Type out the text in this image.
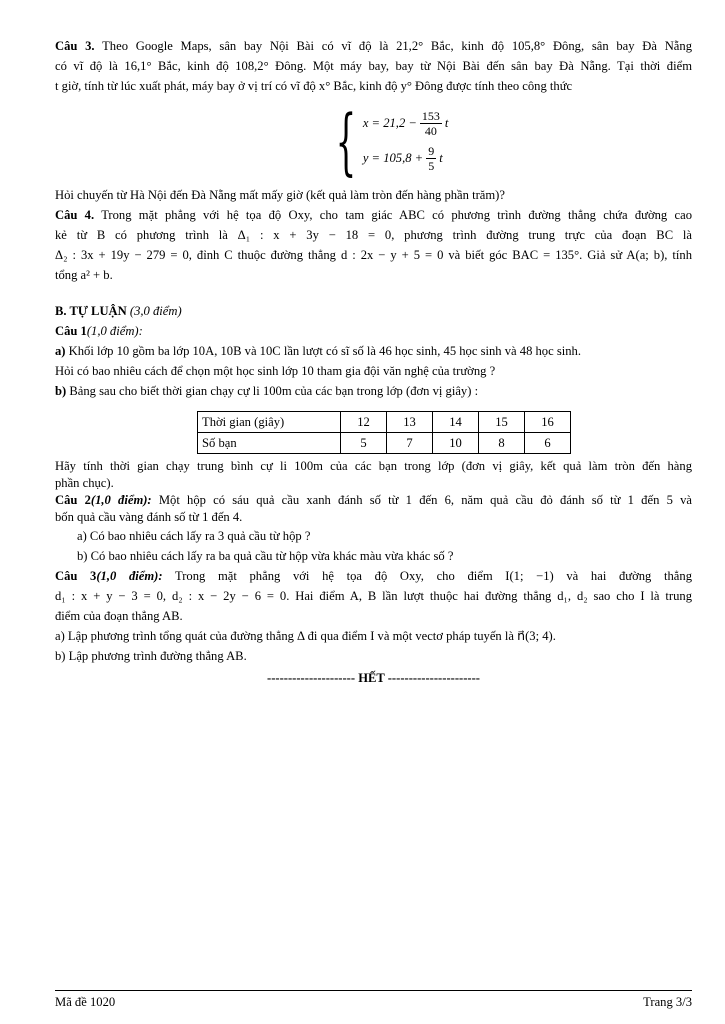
Câu 3. Theo Google Maps, sân bay Nội Bài có vĩ độ là 21,2° Bắc, kinh độ 105,8° Đông, sân bay Đà Nẵng

có vĩ độ là 16,1° Bắc, kinh độ 108,2° Đông. Một máy bay, bay từ Nội Bài đến sân bay Đà Nẵng. Tại thời điểm

t giờ, tính từ lúc xuất phát, máy bay ở vị trí có vĩ độ x° Bắc, kinh độ y° Đông được tính theo công thức

{ $x = 21,2 - \frac{153}{40}$ t
$y = 105,8 + \frac{9}{5}$ t

Hỏi chuyến từ Hà Nội đến Đà Nẵng mất mấy giờ (kết quả làm tròn đến hàng phần trăm)?

Câu 4. Trong mặt phẳng với hệ tọa độ Oxy, cho tam giác ABC có phương trình đường thẳng chứa đường cao

kẻ từ B có phương trình là Δ₁ : x + 3y − 18 = 0, phương trình đường trung trực của đoạn BC là

Δ₂ : 3x + 19y − 279 = 0, đỉnh C thuộc đường thẳng d : 2x − y + 5 = 0 và biết góc BAC = 135°. Giả sử A(a; b), tính

tổng a² + b.

B. TỰ LUẬN (3,0 điểm)

Câu 1(1,0 điểm):

a) Khối lớp 10 gồm ba lớp 10A, 10B và 10C lần lượt có sĩ số là 46 học sinh, 45 học sinh và 48 học sinh.

Hỏi có bao nhiêu cách để chọn một học sinh lớp 10 tham gia đội văn nghệ của trường ?

b) Bảng sau cho biết thời gian chạy cự li 100m của các bạn trong lớp (đơn vị giây) :

Thời gian (giây)	12	13	14	15	16
Số bạn	5	7	10	8	6

Hãy tính thời gian chạy trung bình cự li 100m của các bạn trong lớp (đơn vị giây, kết quả làm tròn đến hàng

phần chục).

Câu 2(1,0 điểm): Một hộp có sáu quả cầu xanh đánh số từ 1 đến 6, năm quả cầu đỏ đánh số từ 1 đến 5 và

bốn quả cầu vàng đánh số từ 1 đến 4.

a) Có bao nhiêu cách lấy ra 3 quả cầu từ hộp ?

b) Có bao nhiêu cách lấy ra ba quả cầu từ hộp vừa khác màu vừa khác số ?

Câu 3(1,0 điểm): Trong mặt phẳng với hệ tọa độ Oxy, cho điểm I(1; −1) và hai đường thẳng

d₁ : x + y − 3 = 0, d₂ : x − 2y − 6 = 0. Hai điểm A, B lần lượt thuộc hai đường thẳng d₁, d₂ sao cho I là trung

điểm của đoạn thẳng AB.

a) Lập phương trình tổng quát của đường thẳng Δ đi qua điểm I và một vectơ pháp tuyến là n⃗(3; 4).

b) Lập phương trình đường thẳng AB.

--------------------- HẾT ----------------------

Mã đề 1020	Trang 3/3
